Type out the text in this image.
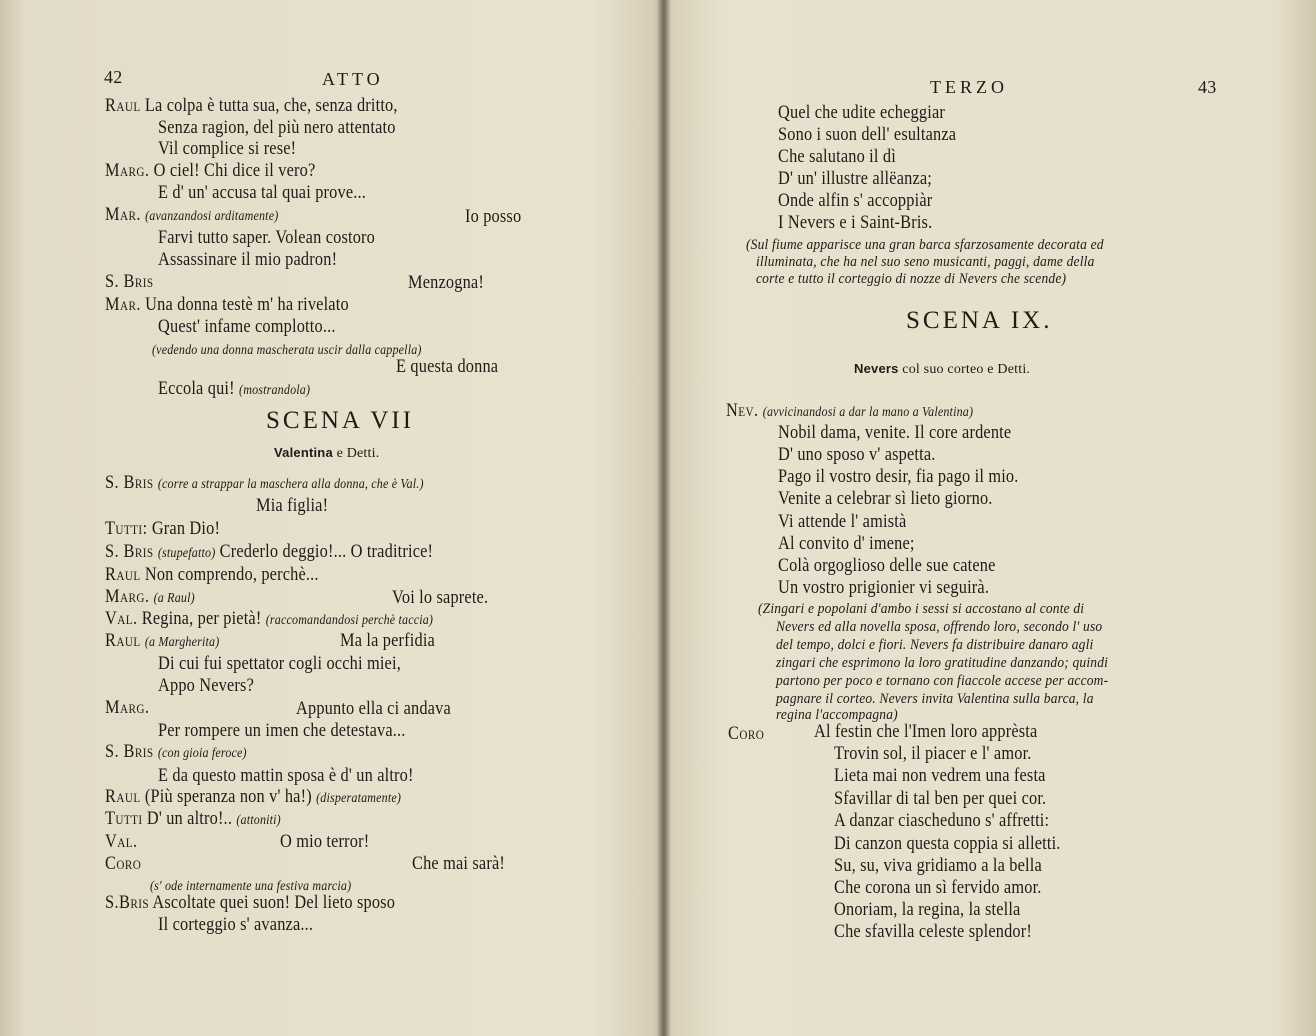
42	ATTO
Raul La colpa è tutta sua, che, senza dritto,
Senza ragion, del più nero attentato
Vil complice si rese!
Marg. O ciel! Chi dice il vero?
E d' un' accusa tal quai prove...
Mar. (avanzandosi arditamente)	Io posso
Farvi tutto saper. Volean costoro
Assassinare il mio padron!
S. Bris	Menzogna!
Mar. Una donna testè m' ha rivelato
Quest' infame complotto...
(vedendo una donna mascherata uscir dalla cappella)
E questa donna
Eccola qui! (mostrandola)
SCENA VII
Valentina e Detti.
S. Bris (corre a strappar la maschera alla donna, che è Val.)
Mia figlia!
Tutti: Gran Dio!
S. Bris (stupefatto) Crederlo deggio!... O traditrice!
Raul Non comprendo, perchè...
Marg. (a Raul)	Voi lo saprete.
Val. Regina, per pietà! (raccomandandosi perchè taccia)
Raul (a Margherita)	Ma la perfidia
Di cui fui spettator cogli occhi miei,
Appo Nevers?
Marg.	Appunto ella ci andava
Per rompere un imen che detestava...
S. Bris (con gioia feroce)
E da questo mattin sposa è d' un altro!
Raul (Più speranza non v' ha!) (disperatamente)
Tutti D' un altro!.. (attoniti)
Val.	O mio terror!
Coro	Che mai sarà!
(s' ode internamente una festiva marcia)
S.Bris Ascoltate quei suon! Del lieto sposo
Il corteggio s' avanza...
TERZO	43
Quel che udite echeggiar
Sono i suon dell' esultanza
Che salutano il dì
D' un' illustre allëanza;
Onde alfin s' accoppiàr
I Nevers e i Saint-Bris.
(Sul fiume apparisce una gran barca sfarzosamente decorata ed
illuminata, che ha nel suo seno musicanti, paggi, dame della
corte e tutto il corteggio di nozze di Nevers che scende)
SCENA IX.
Nevers col suo corteo e Detti.
Nev. (avvicinandosi a dar la mano a Valentina)
Nobil dama, venite. Il core ardente
D' uno sposo v' aspetta.
Pago il vostro desir, fia pago il mio.
Venite a celebrar sì lieto giorno.
Vi attende l' amistà
Al convito d' imene;
Colà orgoglioso delle sue catene
Un vostro prigionier vi seguirà.
(Zingari e popolani d'ambo i sessi si accostano al conte di
Nevers ed alla novella sposa, offrendo loro, secondo l' uso
del tempo, dolci e fiori. Nevers fa distribuire danaro agli
zingari che esprimono la loro gratitudine danzando; quindi
partono per poco e tornano con fiaccole accese per accom-
pagnare il corteo. Nevers invita Valentina sulla barca, la
regina l'accompagna)
Coro	Al festin che l'Imen loro apprèsta
Trovin sol, il piacer e l' amor.
Lieta mai non vedrem una festa
Sfavillar di tal ben per quei cor.
A danzar ciascheduno s' affretti:
Di canzon questa coppia si alletti.
Su, su, viva gridiamo a la bella
Che corona un sì fervido amor.
Onoriam, la regina, la stella
Che sfavilla celeste splendor!
